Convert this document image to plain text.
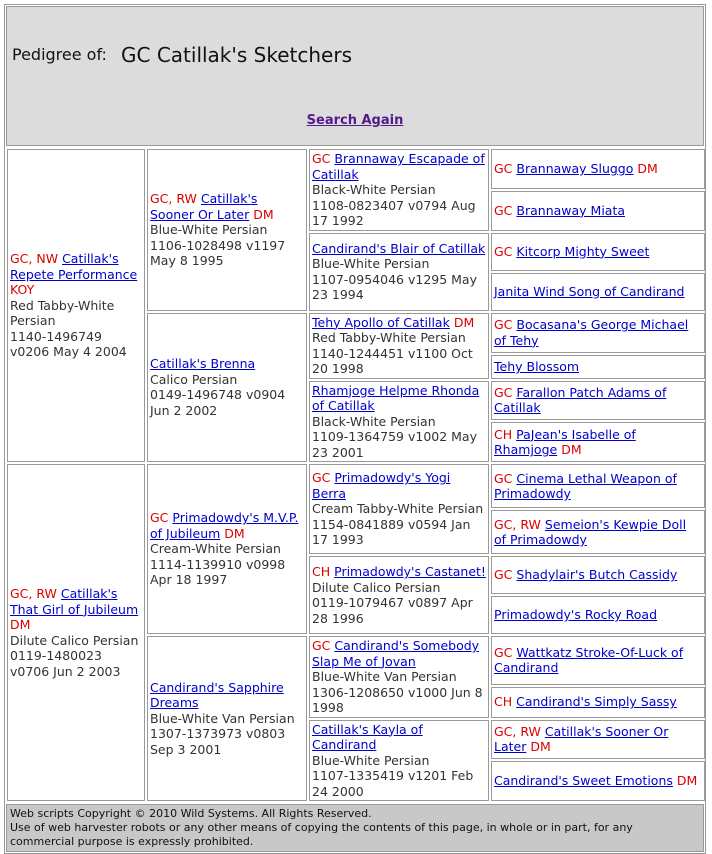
Pedigree of: GC Catillak's Sketchers
Search Again
GC, NW Catillak's Repete Performance KOY
Red Tabby-White Persian
1140-1496749 v0206 May 4 2004	GC, RW Catillak's Sooner Or Later DM
Blue-White Persian
1106-1028498 v1197 May 8 1995	GC Brannaway Escapade of Catillak
Black-White Persian
1108-0823407 v0794 Aug 17 1992	GC Brannaway Sluggo DM
			GC Brannaway Miata
		Candirand's Blair of Catillak
Blue-White Persian
1107-0954046 v1295 May 23 1994	GC Kitcorp Mighty Sweet
			Janita Wind Song of Candirand
	Catillak's Brenna
Calico Persian
0149-1496748 v0904 Jun 2 2002	Tehy Apollo of Catillak DM
Red Tabby-White Persian
1140-1244451 v1100 Oct 20 1998	GC Bocasana's George Michael of Tehy
			Tehy Blossom
		Rhamjoge Helpme Rhonda of Catillak
Black-White Persian
1109-1364759 v1002 May 23 2001	GC Farallon Patch Adams of Catillak
			CH PaJean's Isabelle of Rhamjoge DM
GC, RW Catillak's That Girl of Jubileum DM
Dilute Calico Persian
0119-1480023 v0706 Jun 2 2003	GC Primadowdy's M.V.P. of Jubileum DM
Cream-White Persian
1114-1139910 v0998 Apr 18 1997	GC Primadowdy's Yogi Berra
Cream Tabby-White Persian
1154-0841889 v0594 Jan 17 1993	GC Cinema Lethal Weapon of Primadowdy
			GC, RW Semeion's Kewpie Doll of Primadowdy
		CH Primadowdy's Castanet!
Dilute Calico Persian
0119-1079467 v0897 Apr 28 1996	GC Shadylair's Butch Cassidy
			Primadowdy's Rocky Road
	Candirand's Sapphire Dreams
Blue-White Van Persian
1307-1373973 v0803 Sep 3 2001	GC Candirand's Somebody Slap Me of Jovan
Blue-White Van Persian
1306-1208650 v1000 Jun 8 1998	GC Wattkatz Stroke-Of-Luck of Candirand
			CH Candirand's Simply Sassy
		Catillak's Kayla of Candirand
Blue-White Persian
1107-1335419 v1201 Feb 24 2000	GC, RW Catillak's Sooner Or Later DM
			Candirand's Sweet Emotions DM
Web scripts Copyright © 2010 Wild Systems. All Rights Reserved.
Use of web harvester robots or any other means of copying the contents of this page, in whole or in part, for any commercial purpose is expressly prohibited.
